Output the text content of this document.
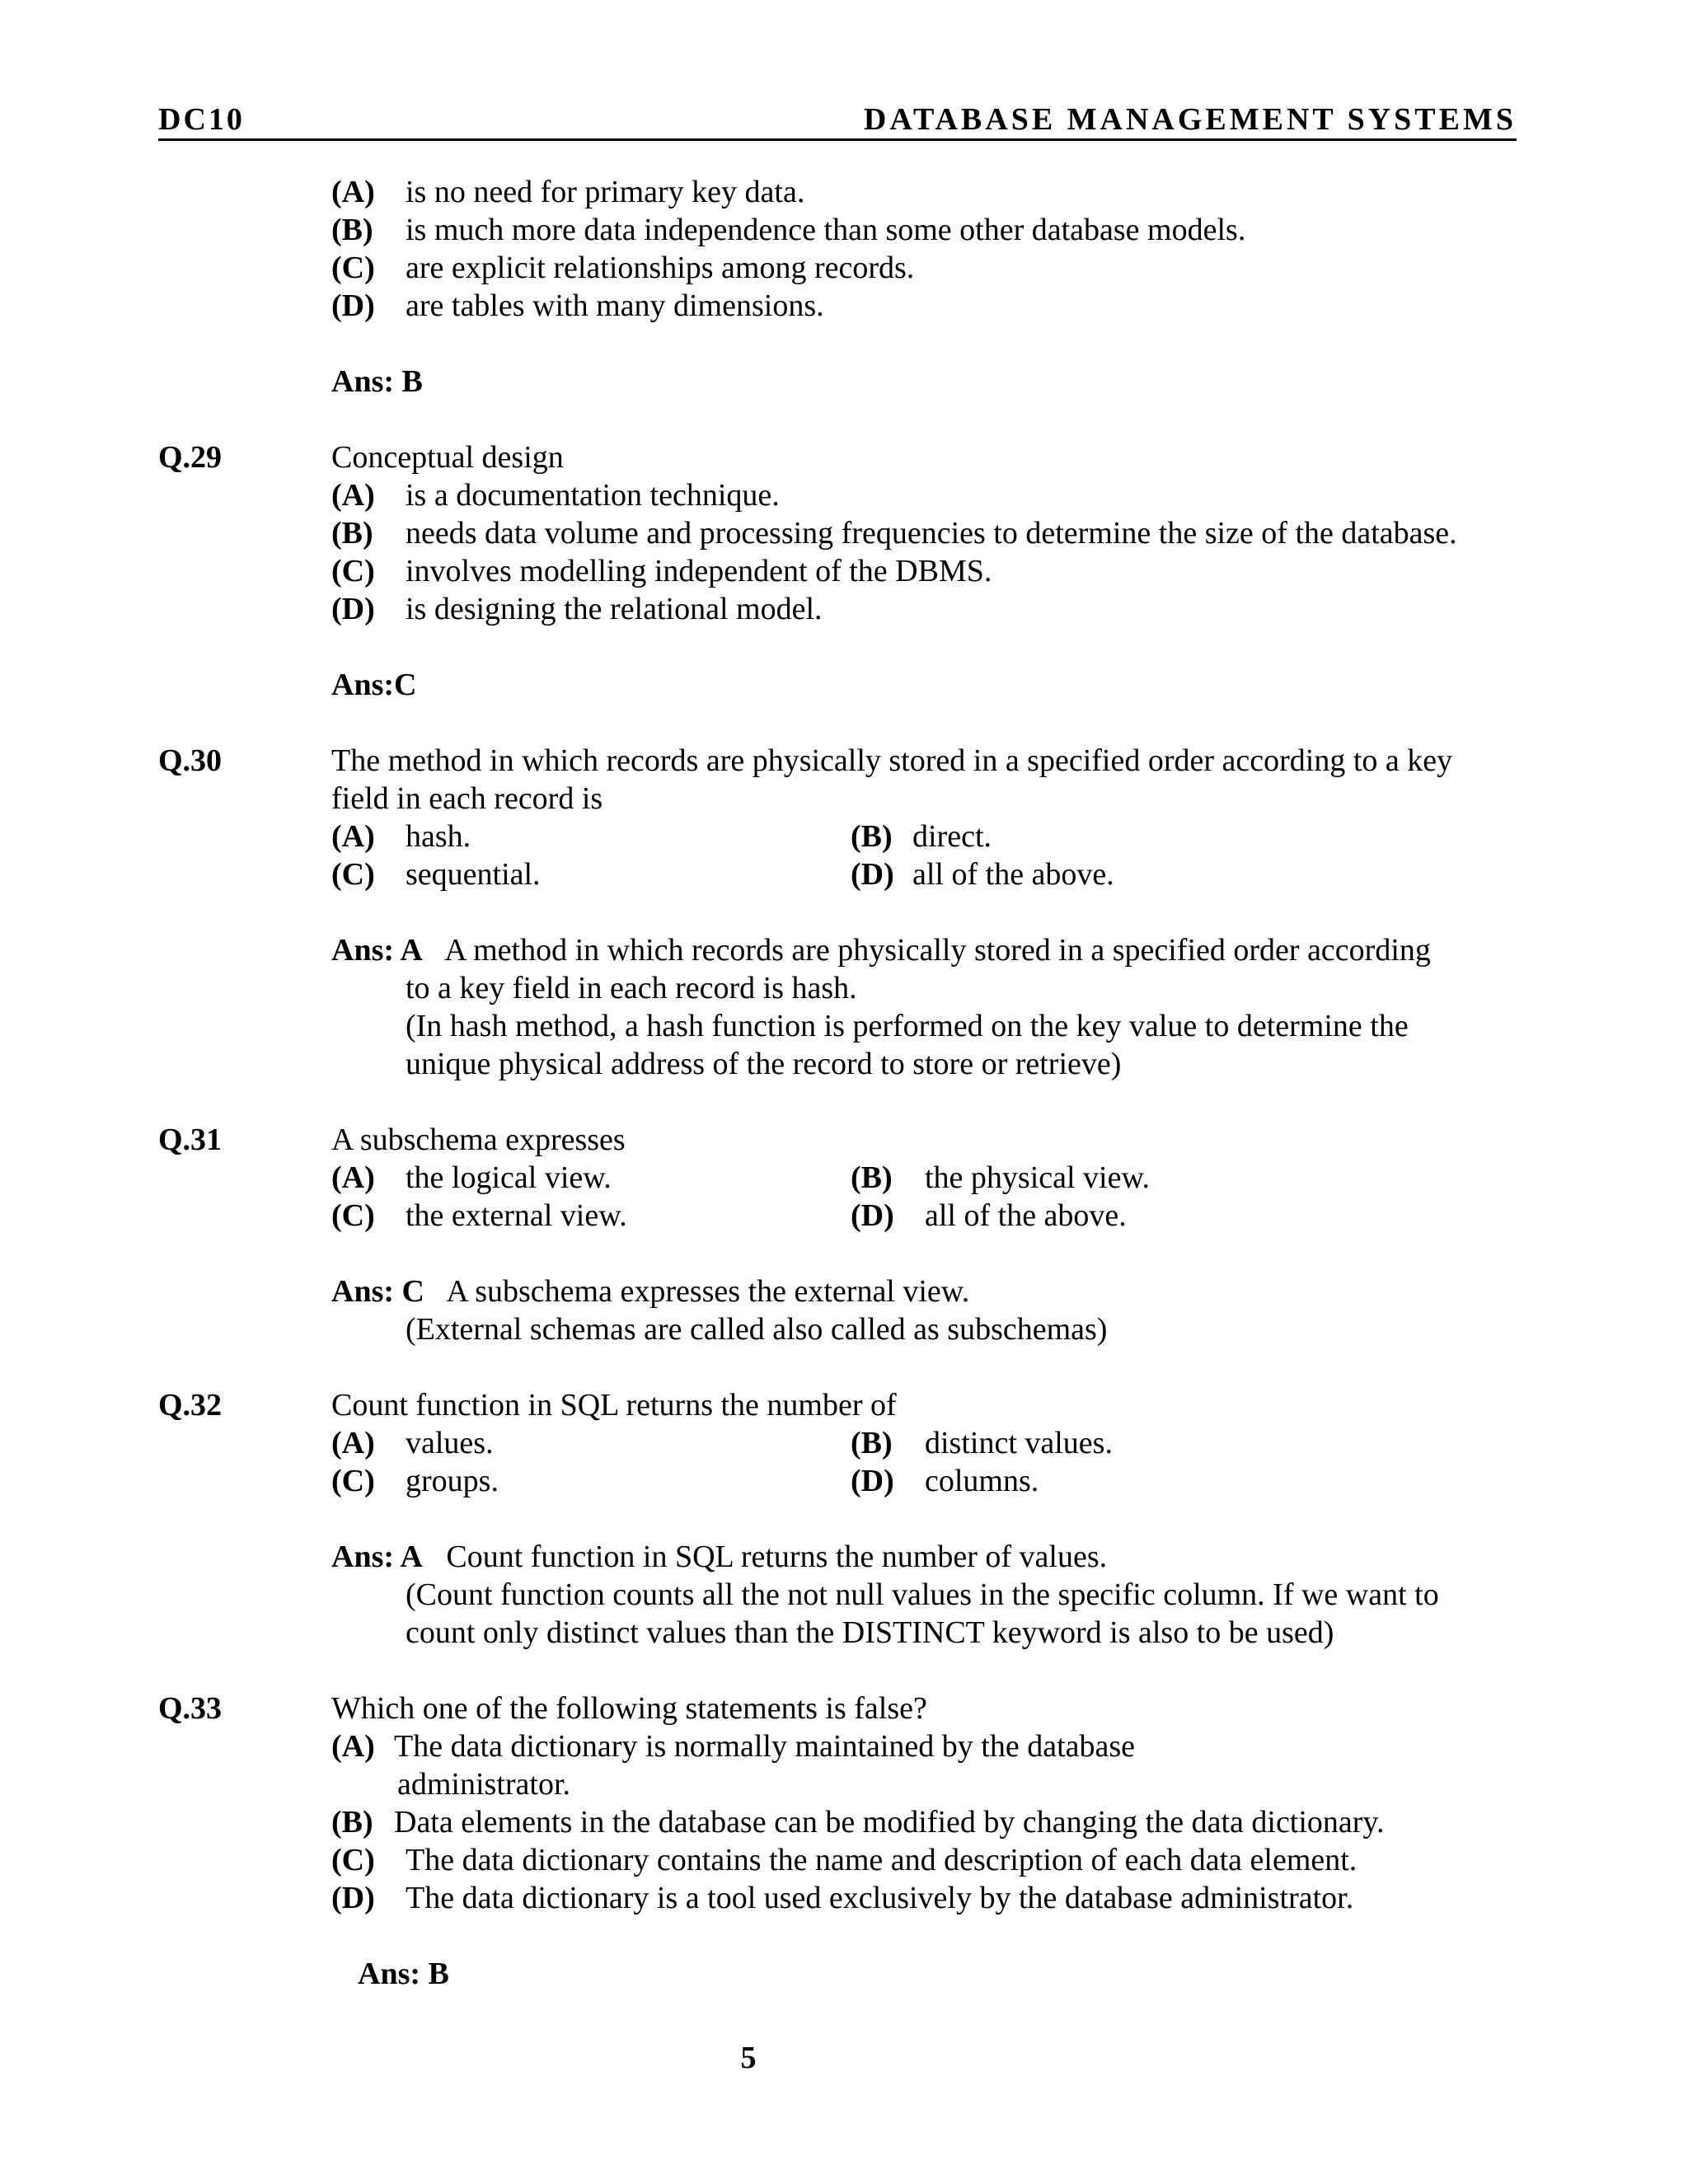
DC10	DATABASE MANAGEMENT SYSTEMS
(A) is no need for primary key data.
(B) is much more data independence than some other database models.
(C) are explicit relationships among records.
(D) are tables with many dimensions.
Ans: B
Q.29	Conceptual design
(A) is a documentation technique.
(B) needs data volume and processing frequencies to determine the size of the database.
(C) involves modelling independent of the DBMS.
(D) is designing the relational model.
Ans:C
Q.30	The method in which records are physically stored in a specified order according to a key
field in each record is
(A) hash.	(B) direct.
(C) sequential.	(D) all of the above.
Ans: A A method in which records are physically stored in a specified order according
to a key field in each record is hash.
(In hash method, a hash function is performed on the key value to determine the
unique physical address of the record to store or retrieve)
Q.31	A subschema expresses
(A) the logical view.	(B) the physical view.
(C) the external view.	(D) all of the above.
Ans: C A subschema expresses the external view.
(External schemas are called also called as subschemas)
Q.32	Count function in SQL returns the number of
(A) values.	(B) distinct values.
(C) groups.	(D) columns.
Ans: A Count function in SQL returns the number of values.
(Count function counts all the not null values in the specific column. If we want to
count only distinct values than the DISTINCT keyword is also to be used)
Q.33	Which one of the following statements is false?
(A) The data dictionary is normally maintained by the database
administrator.
(B) Data elements in the database can be modified by changing the data dictionary.
(C) The data dictionary contains the name and description of each data element.
(D) The data dictionary is a tool used exclusively by the database administrator.
Ans: B
5
